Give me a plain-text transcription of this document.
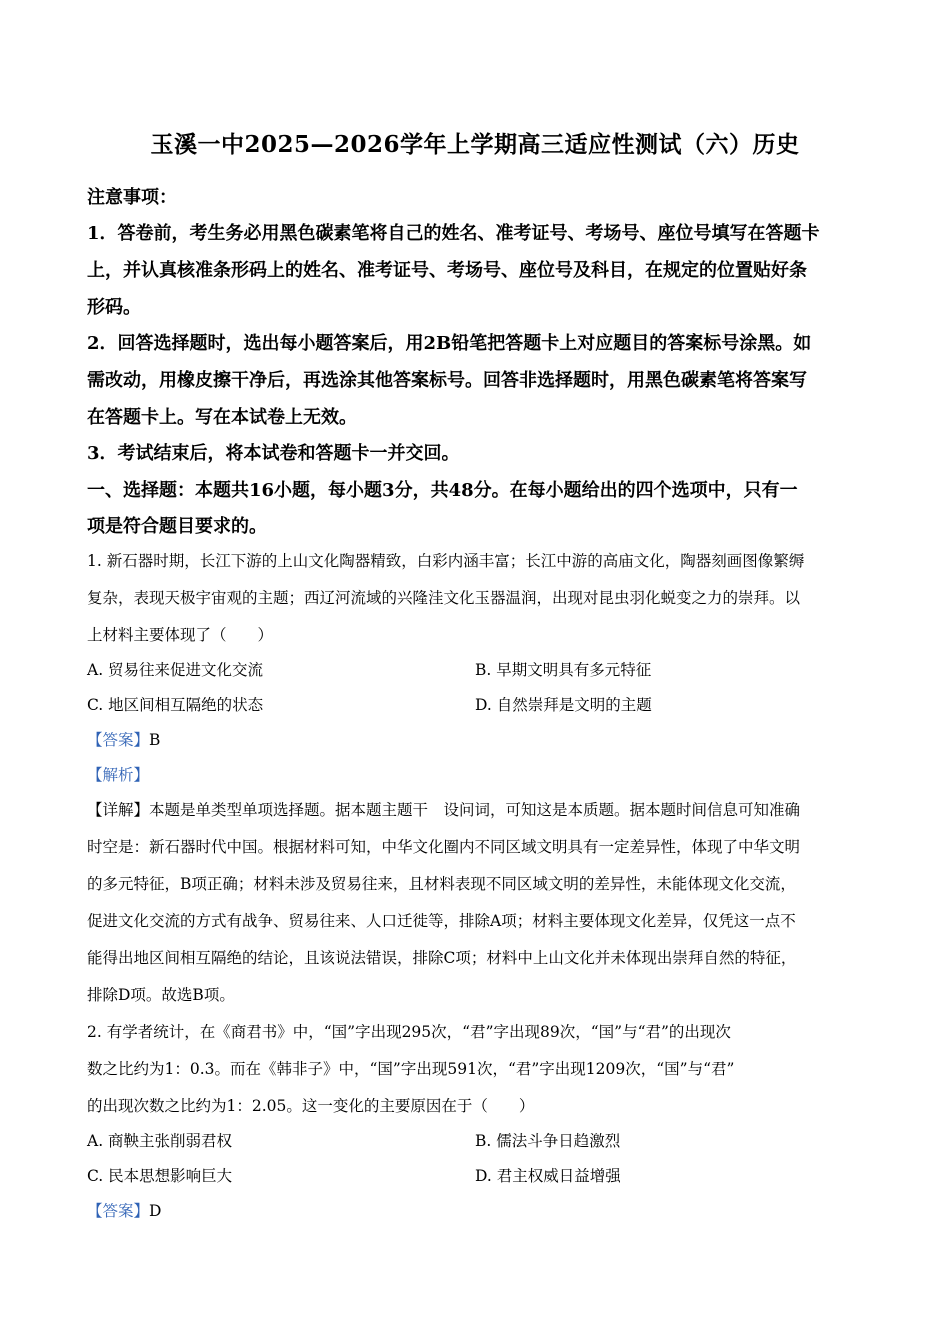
玉溪一中2025—2026学年上学期高三适应性测试（六）历史
注意事项：
1．答卷前，考生务必用黑色碳素笔将自己的姓名、准考证号、考场号、座位号填写在答题卡
上，并认真核准条形码上的姓名、准考证号、考场号、座位号及科目，在规定的位置贴好条
形码。
2．回答选择题时，选出每小题答案后，用2B铅笔把答题卡上对应题目的答案标号涂黑。如
需改动，用橡皮擦干净后，再选涂其他答案标号。回答非选择题时，用黑色碳素笔将答案写
在答题卡上。写在本试卷上无效。
3．考试结束后，将本试卷和答题卡一并交回。
一、选择题：本题共16小题，每小题3分，共48分。在每小题给出的四个选项中，只有一
项是符合题目要求的。
1. 新石器时期，长江下游的上山文化陶器精致，白彩内涵丰富；长江中游的高庙文化，陶器刻画图像繁缛
复杂，表现天极宇宙观的主题；西辽河流域的兴隆洼文化玉器温润，出现对昆虫羽化蜕变之力的崇拜。以
上材料主要体现了（　　）
A. 贸易往来促进文化交流	B. 早期文明具有多元特征
C. 地区间相互隔绝的状态	D. 自然崇拜是文明的主题
【答案】B
【解析】
【详解】本题是单类型单项选择题。据本题主题干　设问词，可知这是本质题。据本题时间信息可知准确
时空是：新石器时代中国。根据材料可知，中华文化圈内不同区域文明具有一定差异性，体现了中华文明
的多元特征，B项正确；材料未涉及贸易往来，且材料表现不同区域文明的差异性，未能体现文化交流，
促进文化交流的方式有战争、贸易往来、人口迁徙等，排除A项；材料主要体现文化差异，仅凭这一点不
能得出地区间相互隔绝的结论，且该说法错误，排除C项；材料中上山文化并未体现出崇拜自然的特征，
排除D项。故选B项。
2. 有学者统计，在《商君书》中，“国”字出现295次，“君”字出现89次，“国”与“君”的出现次
数之比约为1：0.3。而在《韩非子》中，“国”字出现591次，“君”字出现1209次，“国”与“君”
的出现次数之比约为1：2.05。这一变化的主要原因在于（　　）
A. 商鞅主张削弱君权	B. 儒法斗争日趋激烈
C. 民本思想影响巨大	D. 君主权威日益增强
【答案】D
